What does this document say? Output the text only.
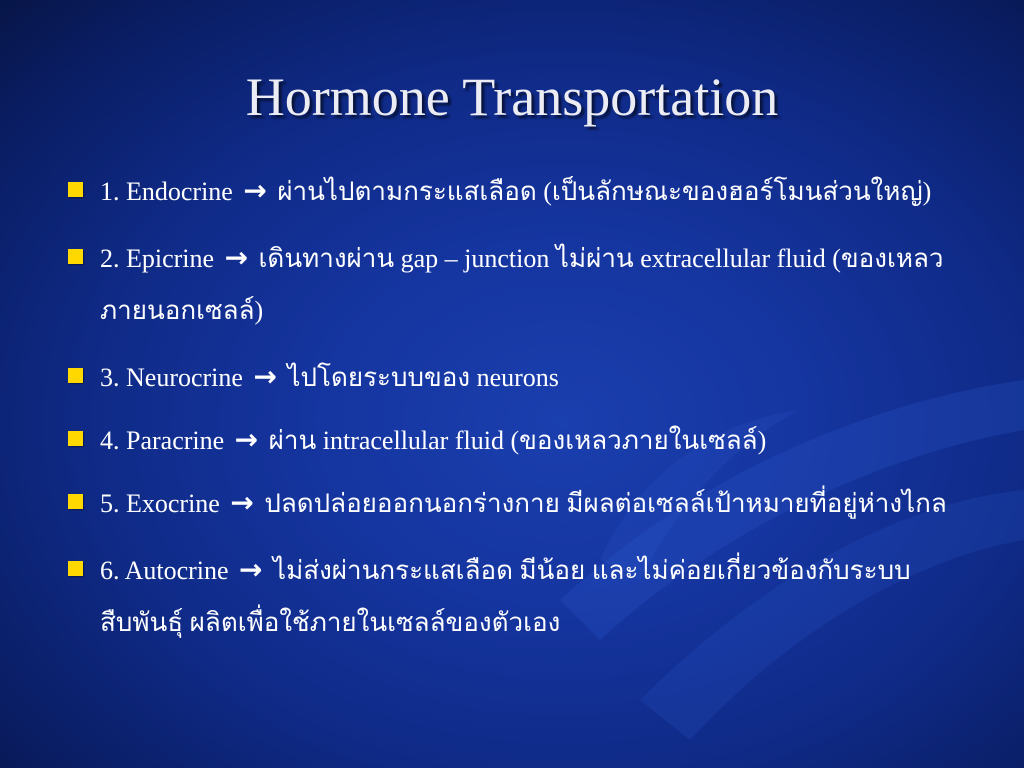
Hormone Transportation
1. Endocrine → ผ่านไปตามกระแสเลือด (เป็นลักษณะของฮอร์โมนส่วนใหญ่)
2. Epicrine → เดินทางผ่าน gap – junction ไม่ผ่าน extracellular fluid (ของเหลวภายนอกเซลล์)
3. Neurocrine → ไปโดยระบบของ neurons
4. Paracrine → ผ่าน intracellular fluid (ของเหลวภายในเซลล์)
5. Exocrine → ปลดปล่อยออกนอกร่างกาย มีผลต่อเซลล์เป้าหมายที่อยู่ห่างไกล
6. Autocrine → ไม่ส่งผ่านกระแสเลือด มีน้อย และไม่ค่อยเกี่ยวข้องกับระบบสืบพันธุ์ ผลิตเพื่อใช้ภายในเซลล์ของตัวเอง
